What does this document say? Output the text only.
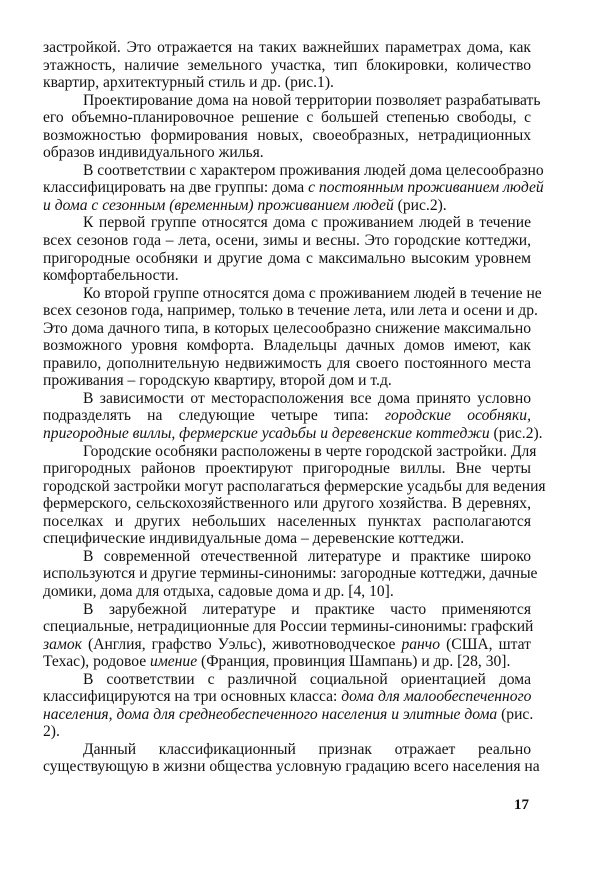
застройкой. Это отражается на таких важнейших параметрах дома, как
этажность, наличие земельного участка, тип блокировки, количество
квартир, архитектурный стиль и др. (рис.1).
Проектирование дома на новой территории позволяет разрабатывать
его объемно-планировочное решение с большей степенью свободы, с
возможностью формирования новых, своеобразных, нетрадиционных
образов индивидуального жилья.
В соответствии с характером проживания людей дома целесообразно
классифицировать на две группы: дома с постоянным проживанием людей
и дома с сезонным (временным) проживанием людей (рис.2).
К первой группе относятся дома с проживанием людей в течение
всех сезонов года – лета, осени, зимы и весны. Это городские коттеджи,
пригородные особняки и другие дома с максимально высоким уровнем
комфортабельности.
Ко второй группе относятся дома с проживанием людей в течение не
всех сезонов года, например, только в течение лета, или лета и осени и др.
Это дома дачного типа, в которых целесообразно снижение максимально
возможного уровня комфорта. Владельцы дачных домов имеют, как
правило, дополнительную недвижимость для своего постоянного места
проживания – городскую квартиру, второй дом и т.д.
В зависимости от месторасположения все дома принято условно
подразделять на следующие четыре типа: городские особняки,
пригородные виллы, фермерские усадьбы и деревенские коттеджи (рис.2).
Городские особняки расположены в черте городской застройки. Для
пригородных районов проектируют пригородные виллы. Вне черты
городской застройки могут располагаться фермерские усадьбы для ведения
фермерского, сельскохозяйственного или другого хозяйства. В деревнях,
поселках и других небольших населенных пунктах располагаются
специфические индивидуальные дома – деревенские коттеджи.
В современной отечественной литературе и практике широко
используются и другие термины-синонимы: загородные коттеджи, дачные
домики, дома для отдыха, садовые дома и др. [4, 10].
В зарубежной литературе и практике часто применяются
специальные, нетрадиционные для России термины-синонимы: графский
замок (Англия, графство Уэльс), животноводческое ранчо (США, штат
Техас), родовое имение (Франция, провинция Шампань) и др. [28, 30].
В соответствии с различной социальной ориентацией дома
классифицируются на три основных класса: дома для малообеспеченного
населения, дома для среднеобеспеченного населения и элитные дома (рис.
2).
Данный классификационный признак отражает реально
существующую в жизни общества условную градацию всего населения на
17
